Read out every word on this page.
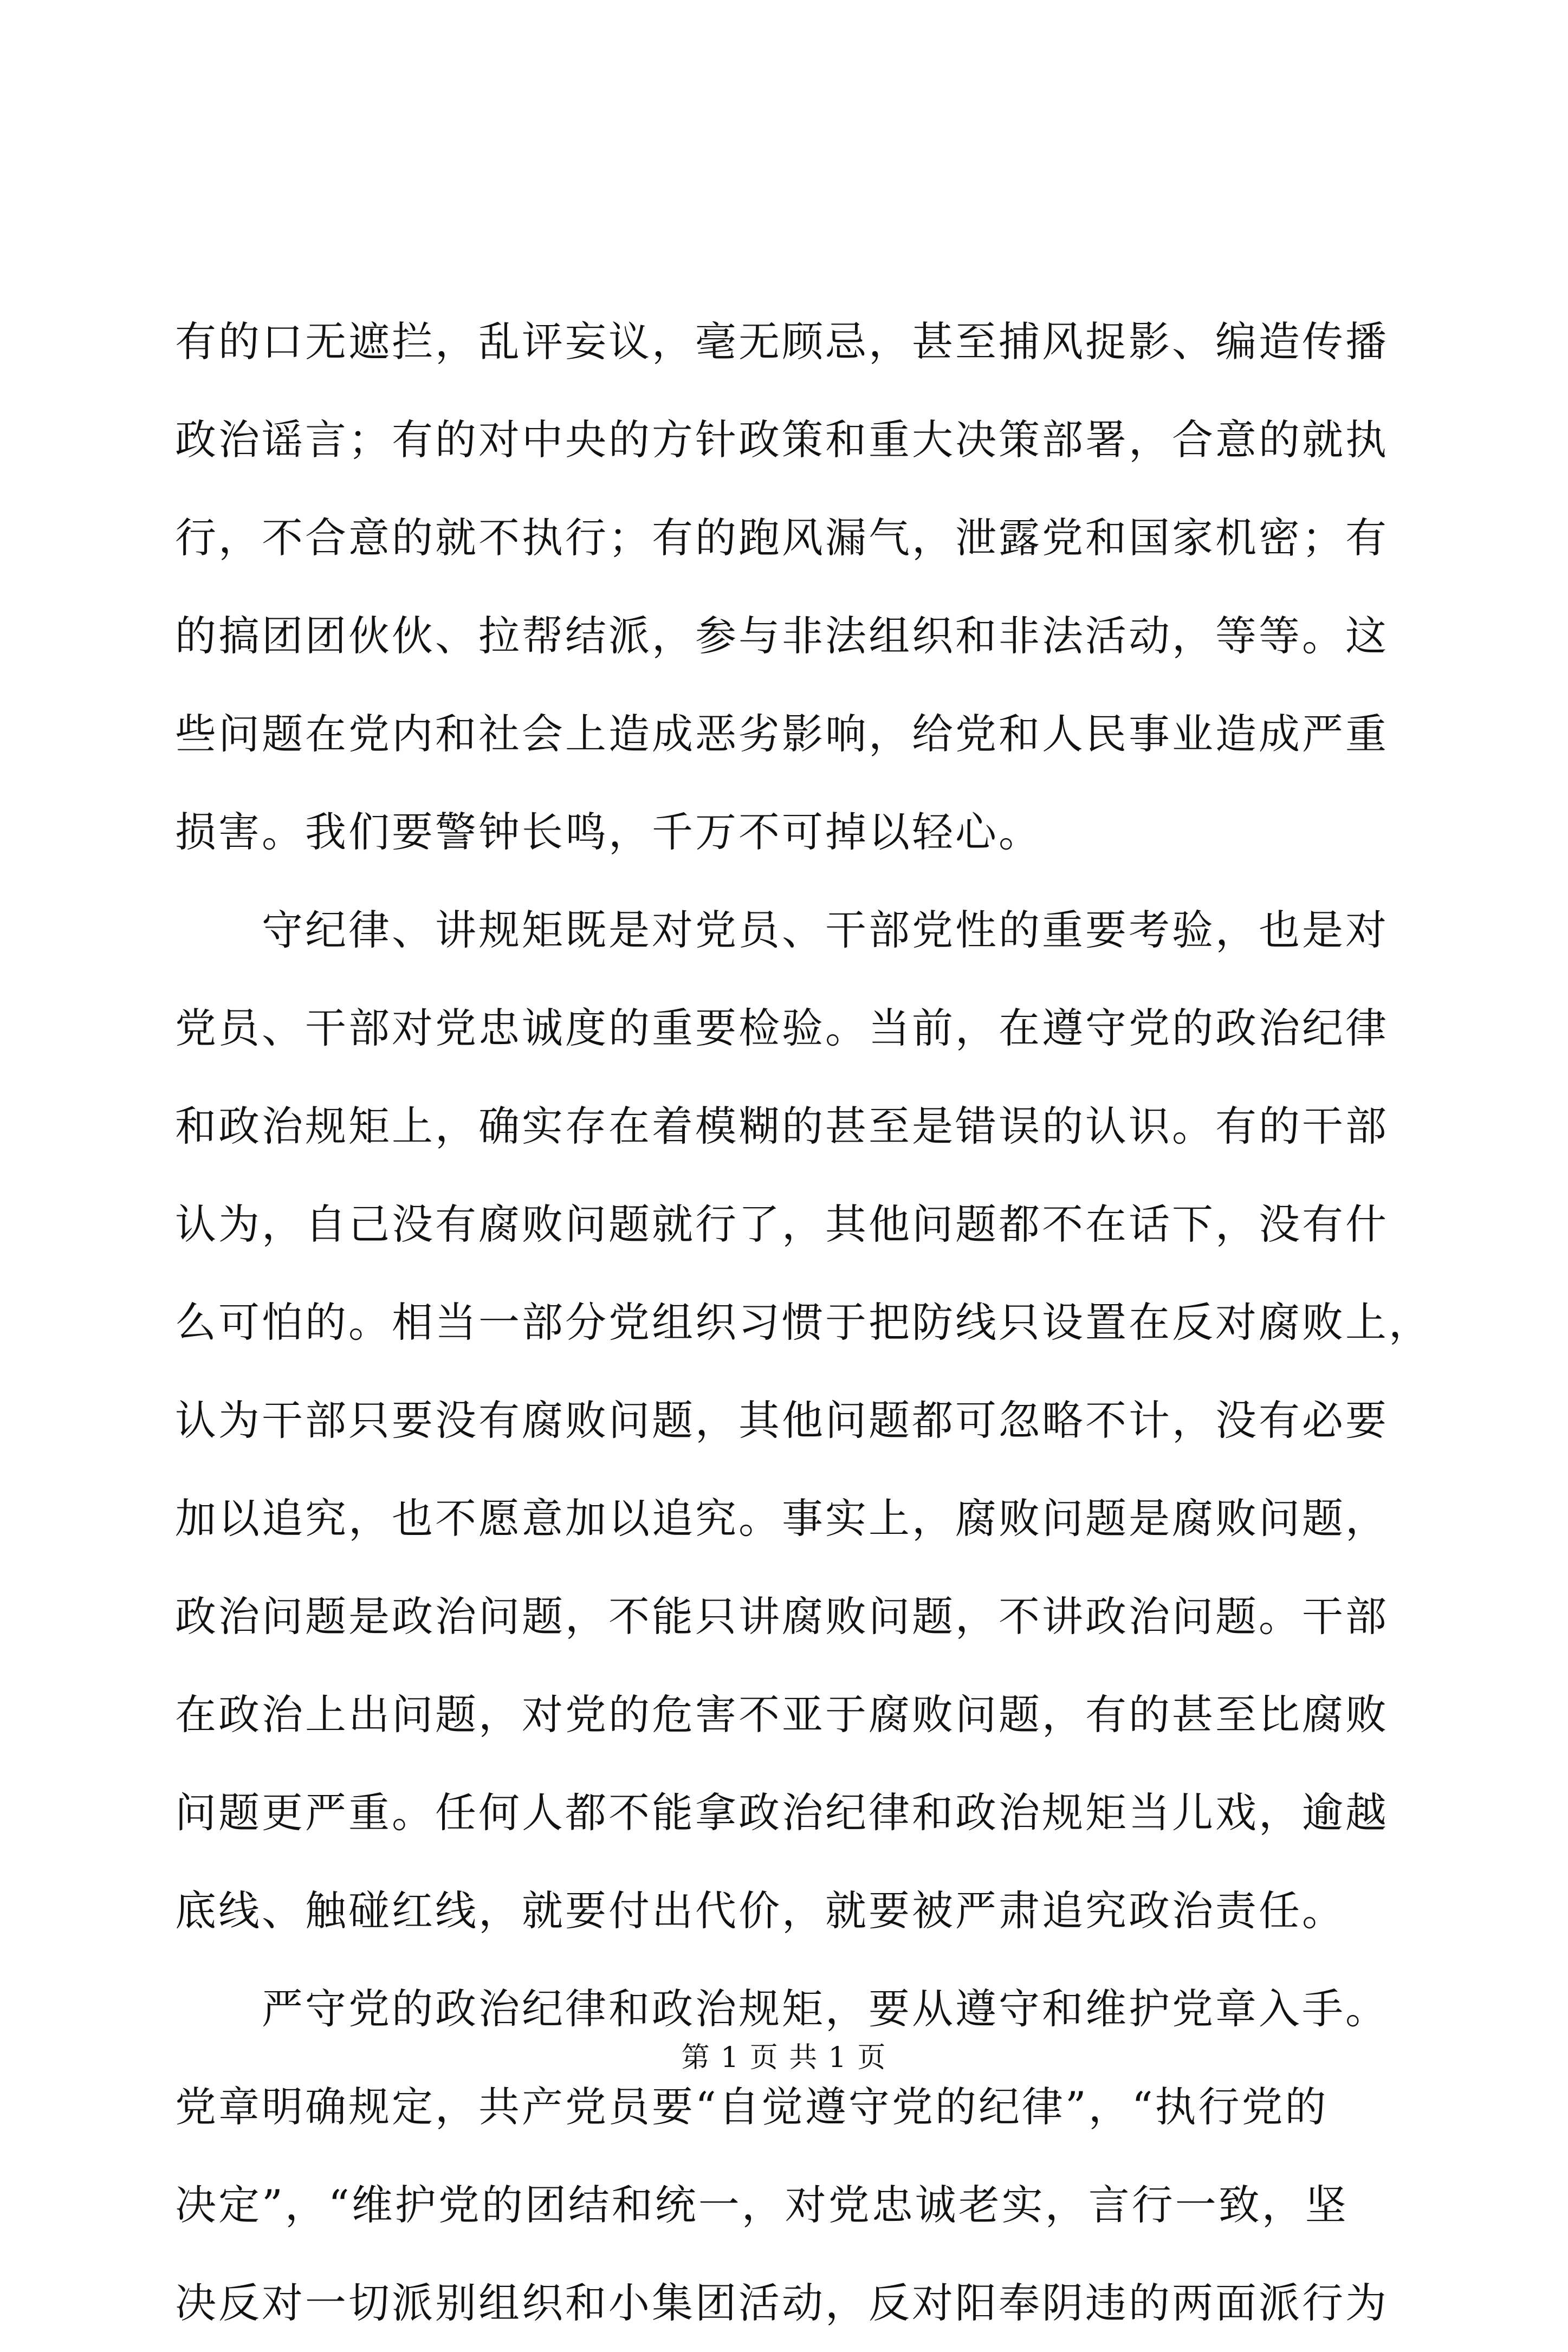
有的口无遮拦，乱评妄议，毫无顾忌，甚至捕风捉影、编造传播
政治谣言；有的对中央的方针政策和重大决策部署，合意的就执
行，不合意的就不执行；有的跑风漏气，泄露党和国家机密；有
的搞团团伙伙、拉帮结派，参与非法组织和非法活动，等等。这
些问题在党内和社会上造成恶劣影响，给党和人民事业造成严重
损害。我们要警钟长鸣，千万不可掉以轻心。
　　守纪律、讲规矩既是对党员、干部党性的重要考验，也是对
党员、干部对党忠诚度的重要检验。当前，在遵守党的政治纪律
和政治规矩上，确实存在着模糊的甚至是错误的认识。有的干部
认为，自己没有腐败问题就行了，其他问题都不在话下，没有什
么可怕的。相当一部分党组织习惯于把防线只设置在反对腐败上，
认为干部只要没有腐败问题，其他问题都可忽略不计，没有必要
加以追究，也不愿意加以追究。事实上，腐败问题是腐败问题，
政治问题是政治问题，不能只讲腐败问题，不讲政治问题。干部
在政治上出问题，对党的危害不亚于腐败问题，有的甚至比腐败
问题更严重。任何人都不能拿政治纪律和政治规矩当儿戏，逾越
底线、触碰红线，就要付出代价，就要被严肃追究政治责任。
　　严守党的政治纪律和政治规矩，要从遵守和维护党章入手。
党章明确规定，共产党员要“自觉遵守党的纪律”，“执行党的
决定”，“维护党的团结和统一，对党忠诚老实，言行一致，坚
决反对一切派别组织和小集团活动，反对阳奉阴违的两面派行为
第 1 页 共 1 页
